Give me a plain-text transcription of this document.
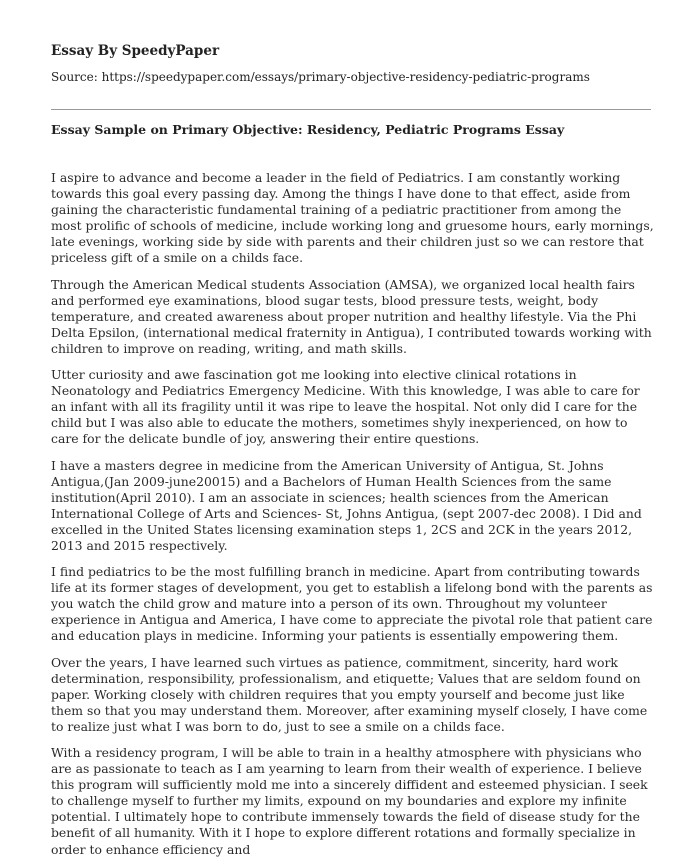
Essay By SpeedyPaper
Source: https://speedypaper.com/essays/primary-objective-residency-pediatric-programs
Essay Sample on Primary Objective: Residency, Pediatric Programs Essay

I aspire to advance and become a leader in the field of Pediatrics. I am constantly working towards this goal every passing day. Among the things I have done to that effect, aside from gaining the characteristic fundamental training of a pediatric practitioner from among the most prolific of schools of medicine, include working long and gruesome hours, early mornings, late evenings, working side by side with parents and their children just so we can restore that priceless gift of a smile on a childs face.

Through the American Medical students Association (AMSA), we organized local health fairs and performed eye examinations, blood sugar tests, blood pressure tests, weight, body temperature, and created awareness about proper nutrition and healthy lifestyle. Via the Phi Delta Epsilon, (international medical fraternity in Antigua), I contributed towards working with children to improve on reading, writing, and math skills.

Utter curiosity and awe fascination got me looking into elective clinical rotations in Neonatology and Pediatrics Emergency Medicine. With this knowledge, I was able to care for an infant with all its fragility until it was ripe to leave the hospital. Not only did I care for the child but I was also able to educate the mothers, sometimes shyly inexperienced, on how to care for the delicate bundle of joy, answering their entire questions.

I have a masters degree in medicine from the American University of Antigua, St. Johns Antigua,(Jan 2009-june20015) and a Bachelors of Human Health Sciences from the same institution(April 2010). I am an associate in sciences; health sciences from the American International College of Arts and Sciences- St, Johns Antigua, (sept 2007-dec 2008). I Did and excelled in the United States licensing examination steps 1, 2CS and 2CK in the years 2012, 2013 and 2015 respectively.

I find pediatrics to be the most fulfilling branch in medicine. Apart from contributing towards life at its former stages of development, you get to establish a lifelong bond with the parents as you watch the child grow and mature into a person of its own. Throughout my volunteer experience in Antigua and America, I have come to appreciate the pivotal role that patient care and education plays in medicine. Informing your patients is essentially empowering them.

Over the years, I have learned such virtues as patience, commitment, sincerity, hard work determination, responsibility, professionalism, and etiquette; Values that are seldom found on paper. Working closely with children requires that you empty yourself and become just like them so that you may understand them. Moreover, after examining myself closely, I have come to realize just what I was born to do, just to see a smile on a childs face.

With a residency program, I will be able to train in a healthy atmosphere with physicians who are as passionate to teach as I am yearning to learn from their wealth of experience. I believe this program will sufficiently mold me into a sincerely diffident and esteemed physician. I seek to challenge myself to further my limits, expound on my boundaries and explore my infinite potential. I ultimately hope to contribute immensely towards the field of disease study for the benefit of all humanity. With it I hope to explore different rotations and formally specialize in order to enhance efficiency and
